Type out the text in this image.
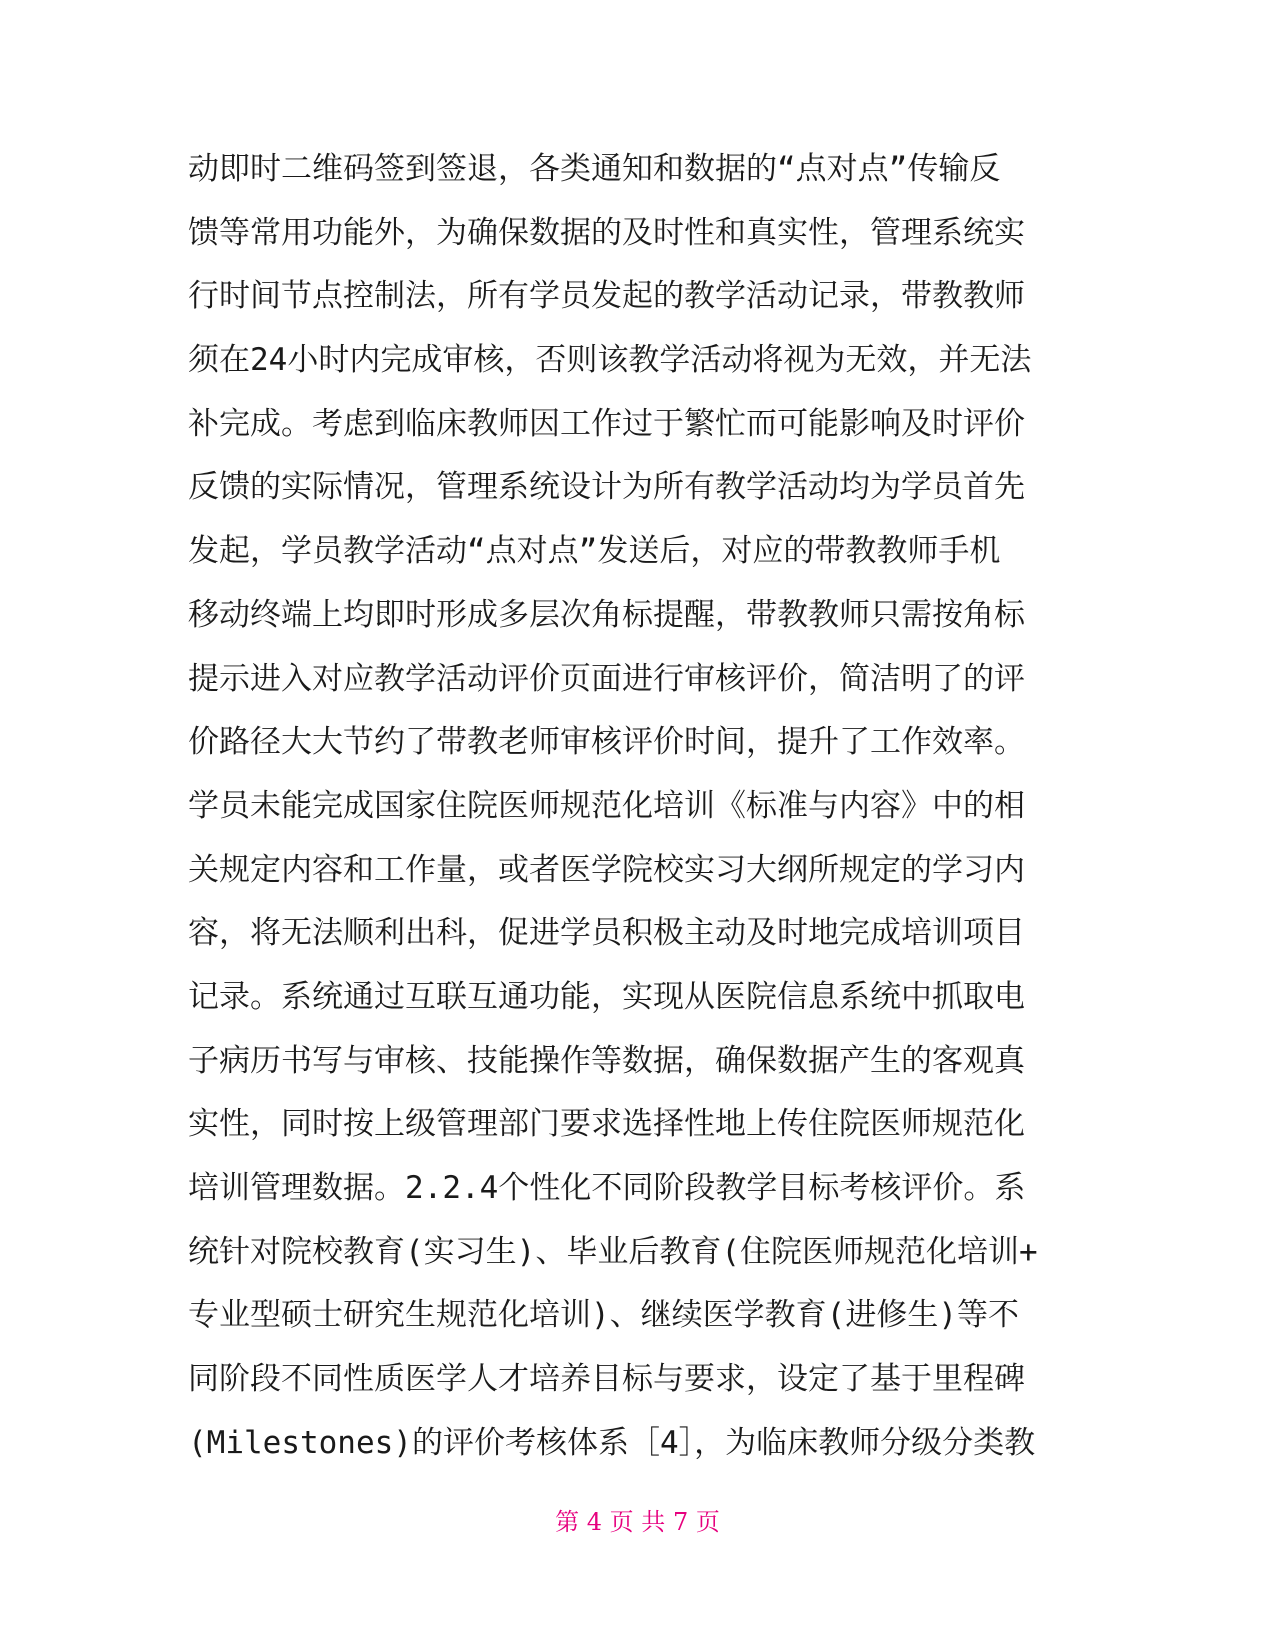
动即时二维码签到签退，各类通知和数据的“点对点”传输反
馈等常用功能外，为确保数据的及时性和真实性，管理系统实
行时间节点控制法，所有学员发起的教学活动记录，带教教师
须在24小时内完成审核，否则该教学活动将视为无效，并无法
补完成。考虑到临床教师因工作过于繁忙而可能影响及时评价
反馈的实际情况，管理系统设计为所有教学活动均为学员首先
发起，学员教学活动“点对点”发送后，对应的带教教师手机
移动终端上均即时形成多层次角标提醒，带教教师只需按角标
提示进入对应教学活动评价页面进行审核评价，简洁明了的评
价路径大大节约了带教老师审核评价时间，提升了工作效率。
学员未能完成国家住院医师规范化培训《标准与内容》中的相
关规定内容和工作量，或者医学院校实习大纲所规定的学习内
容，将无法顺利出科，促进学员积极主动及时地完成培训项目
记录。系统通过互联互通功能，实现从医院信息系统中抓取电
子病历书写与审核、技能操作等数据，确保数据产生的客观真
实性，同时按上级管理部门要求选择性地上传住院医师规范化
培训管理数据。2.2.4个性化不同阶段教学目标考核评价。系
统针对院校教育(实习生)、毕业后教育(住院医师规范化培训+
专业型硕士研究生规范化培训)、继续医学教育(进修生)等不
同阶段不同性质医学人才培养目标与要求，设定了基于里程碑
(Milestones)的评价考核体系［4］，为临床教师分级分类教
第 4 页 共 7 页
